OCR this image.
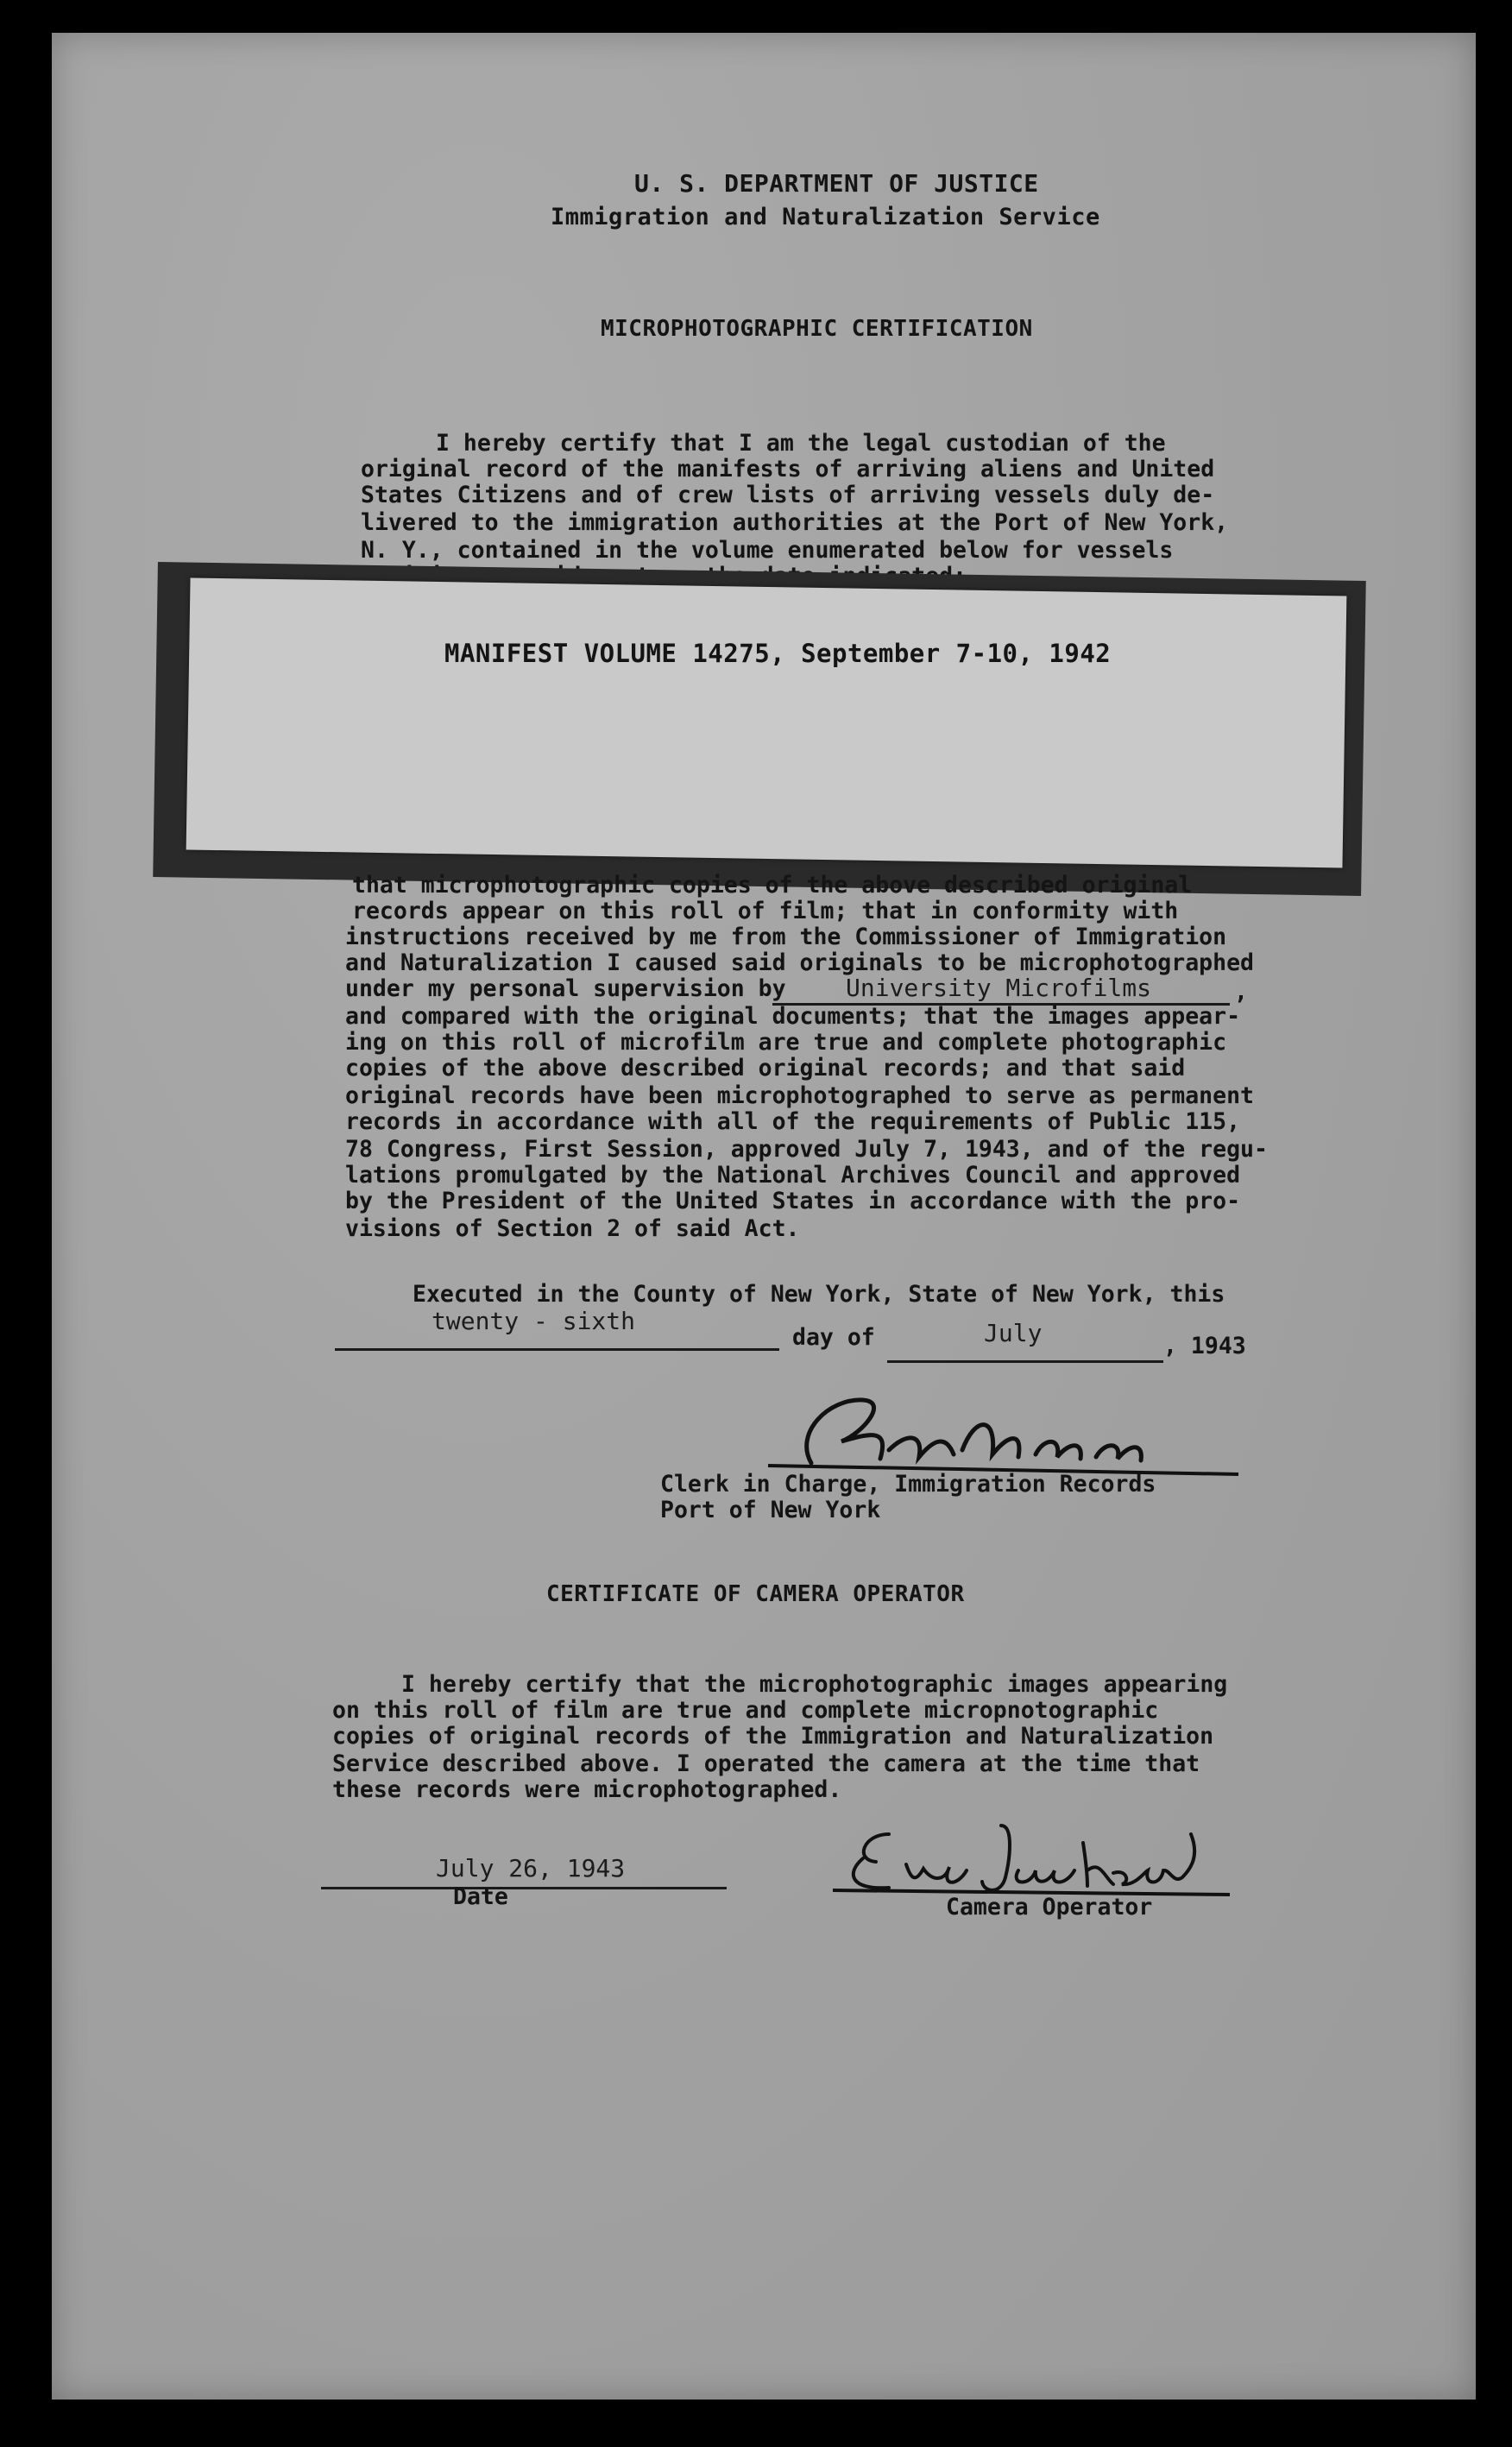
U. S. DEPARTMENT OF JUSTICE

Immigration and Naturalization Service

MICROPHOTOGRAPHIC CERTIFICATION

I hereby certify that I am the legal custodian of the

original record of the manifests of arriving aliens and United

States Citizens and of crew lists of arriving vessels duly de-

livered to the immigration authorities at the Port of New York,

N. Y., contained in the volume enumerated below for vessels

MANIFEST VOLUME 14275, September 7-10, 1942

that microphotographic copies of the above described original

records appear on this roll of film; that in conformity with

instructions received by me from the Commissioner of Immigration

and Naturalization I caused said originals to be microphotographed

under my personal supervision by University Microfilms	,

and compared with the original documents; that the images appear-

ing on this roll of microfilm are true and complete photographic

copies of the above described original records; and that said

original records have been microphotographed to serve as permanent

records in accordance with all of the requirements of Public 115,

78 Congress, First Session, approved July 7, 1943, and of the regu-

lations promulgated by the National Archives Council and approved

by the President of the United States in accordance with the pro-

visions of Section 2 of said Act.

Executed in the County of New York, State of New York, this

twenty - sixth
day of	July	, 1943

Clerk in Charge, Immigration Records

Port of New York

CERTIFICATE OF CAMERA OPERATOR

I hereby certify that the microphotographic images appearing

on this roll of film are true and complete micropnotographic

copies of original records of the Immigration and Naturalization

Service described above. I operated the camera at the time that

these records were microphotographed.

July 26, 1943
Date	Camera Operator
